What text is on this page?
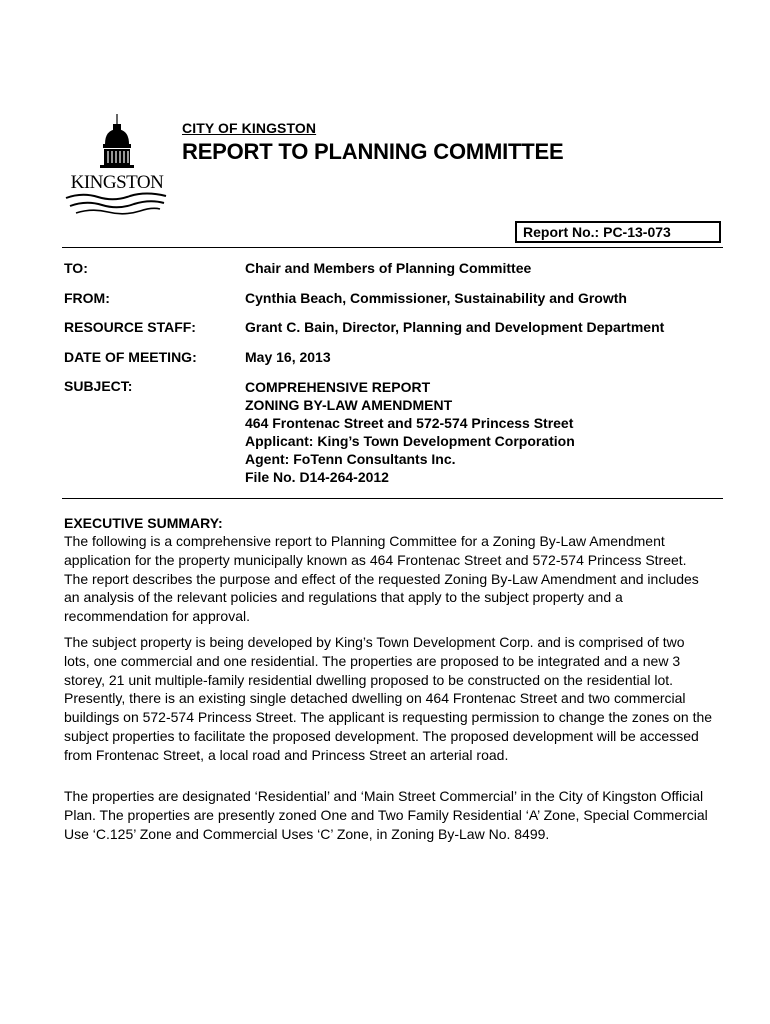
KINGSTON
CITY OF KINGSTON
REPORT TO PLANNING COMMITTEE
Report No.: PC-13-073
TO:	Chair and Members of Planning Committee
FROM:	Cynthia Beach, Commissioner, Sustainability and Growth
RESOURCE STAFF:	Grant C. Bain, Director, Planning and Development Department
DATE OF MEETING:	May 16, 2013
SUBJECT:	COMPREHENSIVE REPORT
ZONING BY-LAW AMENDMENT
464 Frontenac Street and 572-574 Princess Street
Applicant: King’s Town Development Corporation
Agent: FoTenn Consultants Inc.
File No. D14-264-2012
EXECUTIVE SUMMARY:

The following is a comprehensive report to Planning Committee for a Zoning By-Law Amendment application for the property municipally known as 464 Frontenac Street and 572-574 Princess Street. The report describes the purpose and effect of the requested Zoning By-Law Amendment and includes an analysis of the relevant policies and regulations that apply to the subject property and a recommendation for approval.

The subject property is being developed by King’s Town Development Corp. and is comprised of two lots, one commercial and one residential. The properties are proposed to be integrated and a new 3 storey, 21 unit multiple-family residential dwelling proposed to be constructed on the residential lot. Presently, there is an existing single detached dwelling on 464 Frontenac Street and two commercial buildings on 572-574 Princess Street. The applicant is requesting permission to change the zones on the subject properties to facilitate the proposed development. The proposed development will be accessed from Frontenac Street, a local road and Princess Street an arterial road.

The properties are designated ‘Residential’ and ‘Main Street Commercial’ in the City of Kingston Official Plan. The properties are presently zoned One and Two Family Residential ‘A’ Zone, Special Commercial Use ‘C.125’ Zone and Commercial Uses ‘C’ Zone, in Zoning By-Law No. 8499.
